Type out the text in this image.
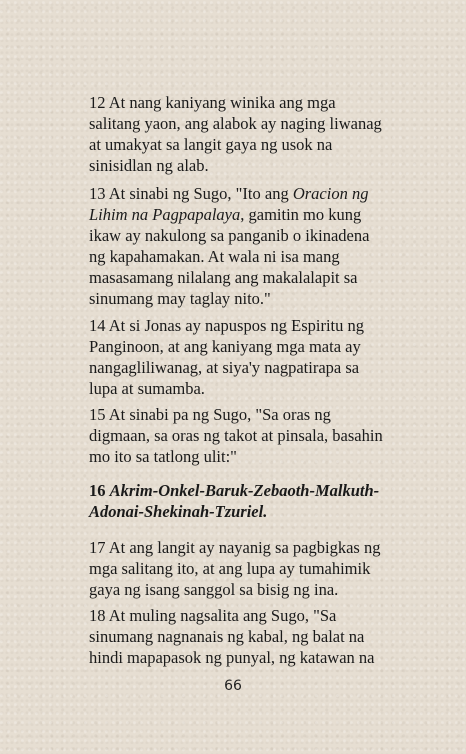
12 At nang kaniyang winika ang mga salitang yaon, ang alabok ay naging liwanag at umakyat sa langit gaya ng usok na sinisidlan ng alab.

13 At sinabi ng Sugo, "Ito ang Oracion ng Lihim na Pagpapalaya, gamitin mo kung ikaw ay nakulong sa panganib o ikinadena ng kapahamakan. At wala ni isa mang masasamang nilalang ang makalalapit sa sinumang may taglay nito."

14 At si Jonas ay napuspos ng Espiritu ng Panginoon, at ang kaniyang mga mata ay nangagliliwanag, at siya'y nagpatirapa sa lupa at sumamba.

15 At sinabi pa ng Sugo, "Sa oras ng digmaan, sa oras ng takot at pinsala, basahin mo ito sa tatlong ulit:"

16 Akrim-Onkel-Baruk-Zebaoth-Malkuth-Adonai-Shekinah-Tzuriel.

17 At ang langit ay nayanig sa pagbigkas ng mga salitang ito, at ang lupa ay tumahimik gaya ng isang sanggol sa bisig ng ina.

18 At muling nagsalita ang Sugo, "Sa sinumang nagnanais ng kabal, ng balat na hindi mapapasok ng punyal, ng katawan na

66
